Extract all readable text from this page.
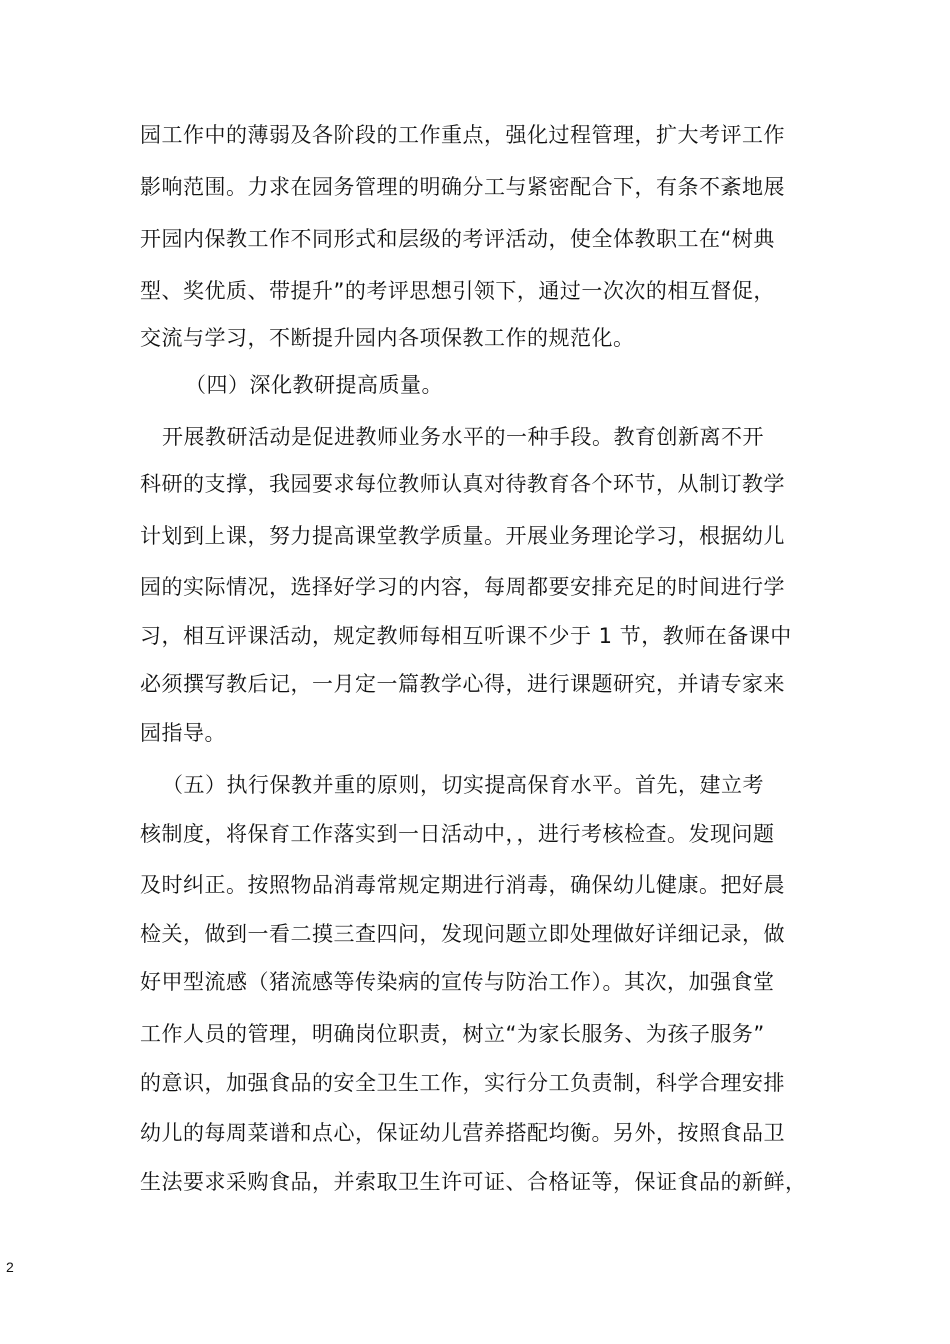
园工作中的薄弱及各阶段的工作重点，强化过程管理，扩大考评工作
影响范围。力求在园务管理的明确分工与紧密配合下，有条不紊地展
开园内保教工作不同形式和层级的考评活动，使全体教职工在“树典
型、奖优质、带提升”的考评思想引领下，通过一次次的相互督促，
交流与学习，不断提升园内各项保教工作的规范化。
（四）深化教研提高质量。
开展教研活动是促进教师业务水平的一种手段。教育创新离不开
科研的支撑，我园要求每位教师认真对待教育各个环节，从制订教学
计划到上课，努力提高课堂教学质量。开展业务理论学习，根据幼儿
园的实际情况，选择好学习的内容，每周都要安排充足的时间进行学
习，相互评课活动，规定教师每相互听课不少于 1 节，教师在备课中
必须撰写教后记，一月定一篇教学心得，进行课题研究，并请专家来
园指导。
（五）执行保教并重的原则，切实提高保育水平。首先，建立考
核制度，将保育工作落实到一日活动中，，进行考核检查。发现问题
及时纠正。按照物品消毒常规定期进行消毒，确保幼儿健康。把好晨
检关，做到一看二摸三查四问，发现问题立即处理做好详细记录，做
好甲型流感（猪流感等传染病的宣传与防治工作）。其次，加强食堂
工作人员的管理，明确岗位职责，树立“为家长服务、为孩子服务”
的意识，加强食品的安全卫生工作，实行分工负责制，科学合理安排
幼儿的每周菜谱和点心，保证幼儿营养搭配均衡。另外，按照食品卫
生法要求采购食品，并索取卫生许可证、合格证等，保证食品的新鲜，
2
